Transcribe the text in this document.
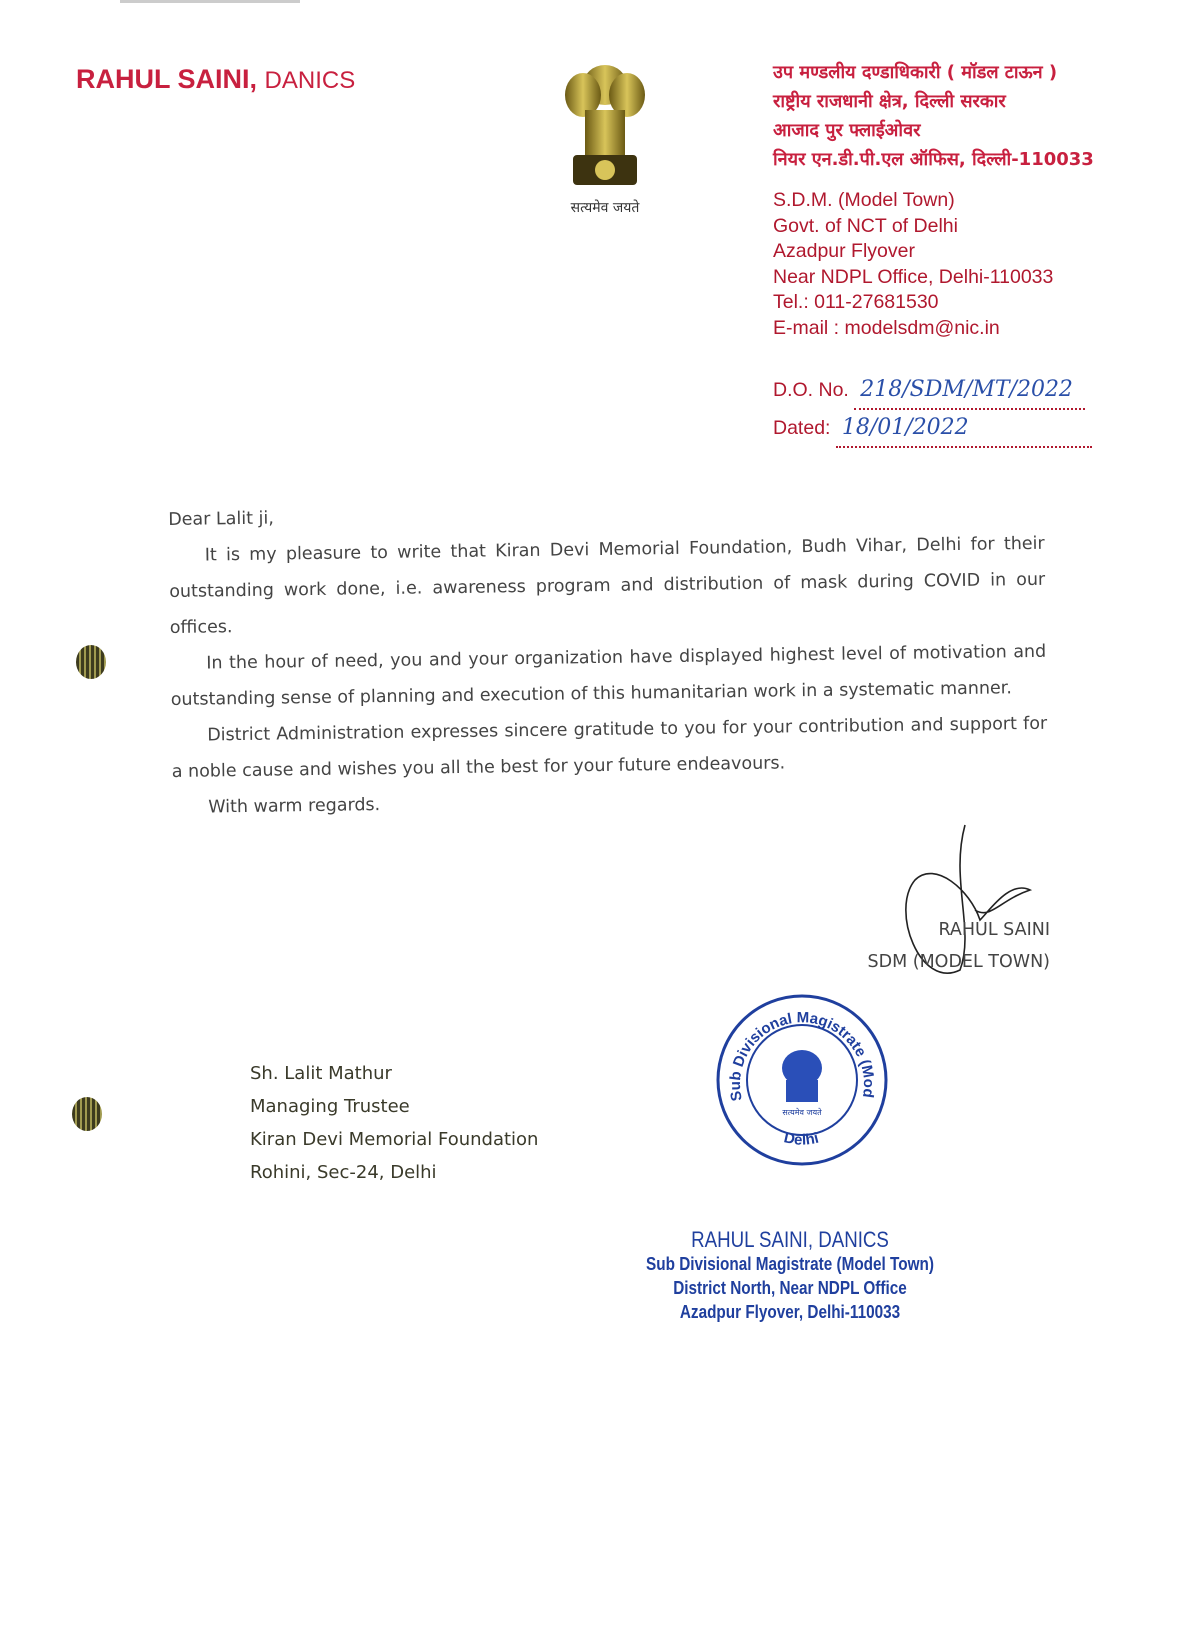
RAHUL SAINI, DANICS
सत्यमेव जयते
उप मण्डलीय दण्डाधिकारी ( मॉडल टाऊन )
राष्ट्रीय राजधानी क्षेत्र, दिल्ली सरकार
आजाद पुर फ्लाईओवर
नियर एन.डी.पी.एल ऑफिस, दिल्ली-110033
S.D.M. (Model Town)
Govt. of NCT of Delhi
Azadpur Flyover
Near NDPL Office, Delhi-110033
Tel.: 011-27681530
E-mail : modelsdm@nic.in
D.O. No. 218/SDM/MT/2022
Dated: 18/01/2022

Dear Lalit ji,

It is my pleasure to write that Kiran Devi Memorial Foundation, Budh Vihar, Delhi for their outstanding work done, i.e. awareness program and distribution of mask during COVID in our offices.

In the hour of need, you and your organization have displayed highest level of motivation and outstanding sense of planning and execution of this humanitarian work in a systematic manner.

District Administration expresses sincere gratitude to you for your contribution and support for a noble cause and wishes you all the best for your future endeavours.

With warm regards.

RAHUL SAINI
SDM (MODEL TOWN)
Sh. Lalit Mathur
Managing Trustee
Kiran Devi Memorial Foundation
Rohini, Sec-24, Delhi
Sub Divisional Magistrate (Mod
Delhi
सत्यमेव जयते
RAHUL SAINI, DANICS
Sub Divisional Magistrate (Model Town)
District North, Near NDPL Office
Azadpur Flyover, Delhi-110033
